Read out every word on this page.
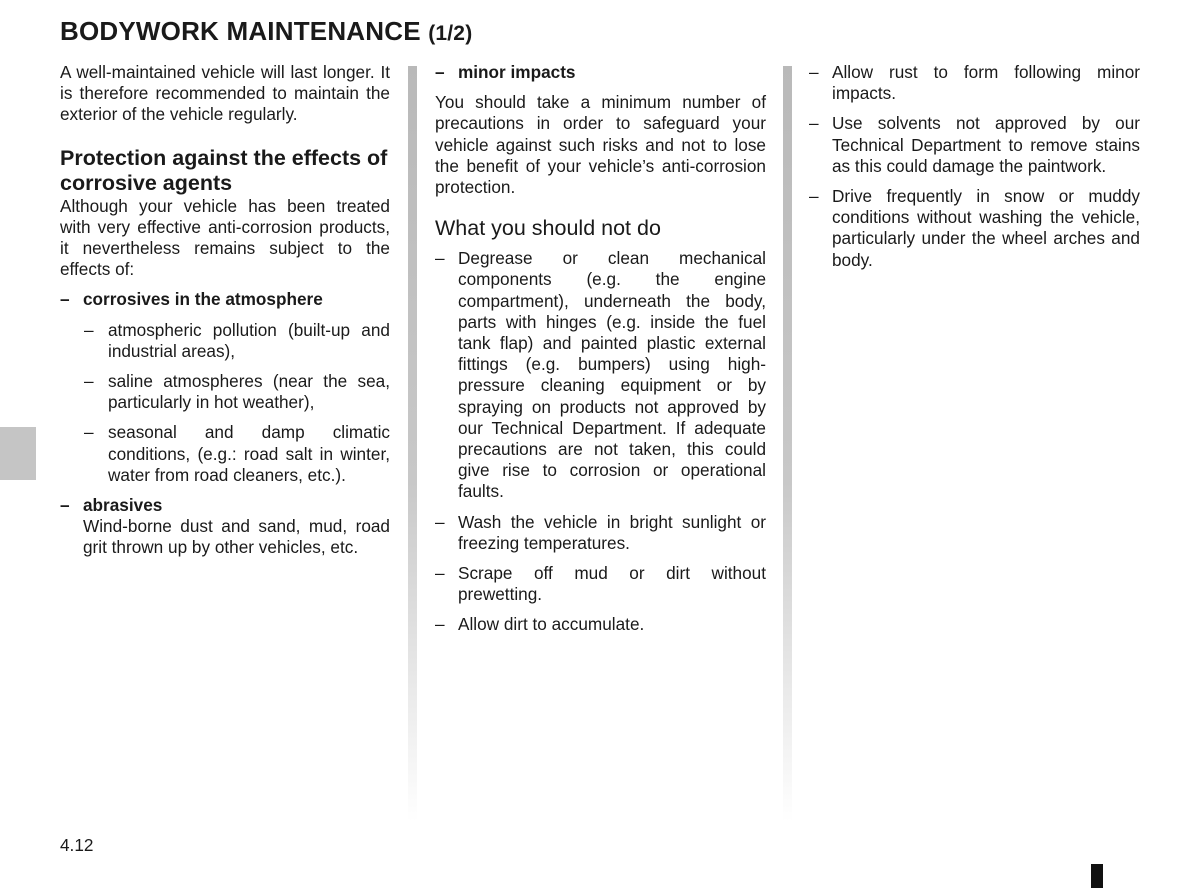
BODYWORK MAINTENANCE (1/2)

A well-maintained vehicle will last longer. It is therefore recommended to maintain the exterior of the vehicle regularly.

Protection against the effects of corrosive agents

Although your vehicle has been treated with very effective anti-corrosion products, it nevertheless remains subject to the effects of:

– corrosives in the atmosphere
– atmospheric pollution (built-up and industrial areas),
– saline atmospheres (near the sea, particularly in hot weather),
– seasonal and damp climatic conditions, (e.g.: road salt in winter, water from road cleaners, etc.).
– abrasives

Wind-borne dust and sand, mud, road grit thrown up by other vehicles, etc.

– minor impacts

You should take a minimum number of precautions in order to safeguard your vehicle against such risks and not to lose the benefit of your vehicle’s anti-corrosion protection.

What you should not do
– Degrease or clean mechanical components (e.g. the engine compartment), underneath the body, parts with hinges (e.g. inside the fuel tank flap) and painted plastic external fittings (e.g. bumpers) using high-pressure cleaning equipment or by spraying on products not approved by our Technical Department. If adequate precautions are not taken, this could give rise to corrosion or operational faults.
– Wash the vehicle in bright sunlight or freezing temperatures.
– Scrape off mud or dirt without prewetting.
– Allow dirt to accumulate.
– Allow rust to form following minor impacts.
– Use solvents not approved by our Technical Department to remove stains as this could damage the paintwork.
– Drive frequently in snow or muddy conditions without washing the vehicle, particularly under the wheel arches and body.
4.12
